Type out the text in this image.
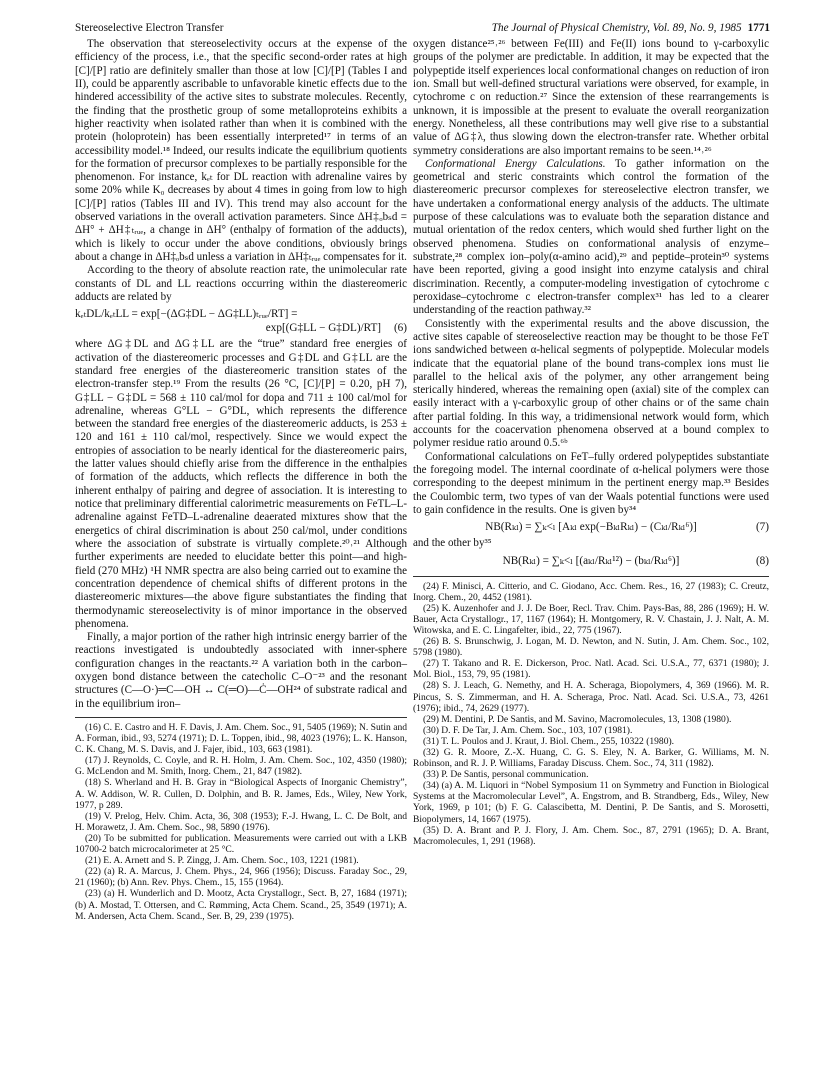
Stereoselective Electron Transfer	The Journal of Physical Chemistry, Vol. 89, No. 9, 1985 1771

The observation that stereoselectivity occurs at the expense of the efficiency of the process, i.e., that the specific second-order rates at high [C]/[P] ratio are definitely smaller than those at low [C]/[P] (Tables I and II), could be apparently ascribable to unfavorable kinetic effects due to the hindered accessibility of the active sites to substrate molecules. Recently, the finding that the prosthetic group of some metalloproteins exhibits a higher reactivity when isolated rather than when it is combined with the protein (holoprotein) has been essentially interpreted¹⁷ in terms of an accessibility model.¹⁸ Indeed, our results indicate the equilibrium quotients for the formation of precursor complexes to be partially responsible for the phenomenon. For instance, kₑₜ for DL reaction with adrenaline vaires by some 20% while K₀ decreases by about 4 times in going from low to high [C]/[P] ratios (Tables III and IV). This trend may also account for the observed variations in the overall activation parameters. Since ΔH‡ₒbₛd = ΔH° + ΔH‡ₜᵣᵤₑ, a change in ΔH° (enthalpy of formation of the adducts), which is likely to occur under the above conditions, obviously brings about a change in ΔH‡ₒbₛd unless a variation in ΔH‡ₜᵣᵤₑ compensates for it.

According to the theory of absolute reaction rate, the unimolecular rate constants of DL and LL reactions occurring within the diastereomeric adducts are related by

kₑₜDL/kₑₜLL = exp[−(ΔG‡DL − ΔG‡LL)ₜᵣᵤₑ/RT] =
exp[(G‡LL − G‡DL)/RT] (6)

where ΔG‡DL and ΔG‡LL are the “true” standard free energies of activation of the diastereomeric processes and G‡DL and G‡LL are the standard free energies of the diastereomeric transition states of the electron-transfer step.¹⁹ From the results (26 °C, [C]/[P] = 0.20, pH 7), G‡LL − G‡DL = 568 ± 110 cal/mol for dopa and 711 ± 100 cal/mol for adrenaline, whereas G°LL − G°DL, which represents the difference between the standard free energies of the diastereomeric adducts, is 253 ± 120 and 161 ± 110 cal/mol, respectively. Since we would expect the entropies of association to be nearly identical for the diastereomeric pairs, the latter values should chiefly arise from the difference in the enthalpies of formation of the adducts, which reflects the difference in both the inherent enthalpy of pairing and degree of association. It is interesting to notice that preliminary differential calorimetric measurements on FeTL–L-adrenaline against FeTD–L-adrenaline deaerated mixtures show that the energetics of chiral discrimination is about 250 cal/mol, under conditions where the association of substrate is virtually complete.²⁰˒²¹ Although further experiments are needed to elucidate better this point—and high-field (270 MHz) ¹H NMR spectra are also being carried out to examine the concentration dependence of chemical shifts of different protons in the diastereomeric mixtures—the above figure substantiates the finding that thermodynamic stereoselectivity is of minor importance in the observed phenomena.

Finally, a major portion of the rather high intrinsic energy barrier of the reactions investigated is undoubtedly associated with inner-sphere configuration changes in the reactants.²² A variation both in the carbon–oxygen bond distance between the catecholic C–O⁻²³ and the resonant structures (C—O·)═C—OH ↔ C(═O)—Ċ—OH²⁴ of substrate radical and in the equilibrium iron–

(16) C. E. Castro and H. F. Davis, J. Am. Chem. Soc., 91, 5405 (1969); N. Sutin and A. Forman, ibid., 93, 5274 (1971); D. L. Toppen, ibid., 98, 4023 (1976); L. K. Hanson, C. K. Chang, M. S. Davis, and J. Fajer, ibid., 103, 663 (1981).

(17) J. Reynolds, C. Coyle, and R. H. Holm, J. Am. Chem. Soc., 102, 4350 (1980); G. McLendon and M. Smith, Inorg. Chem., 21, 847 (1982).

(18) S. Wherland and H. B. Gray in “Biological Aspects of Inorganic Chemistry”, A. W. Addison, W. R. Cullen, D. Dolphin, and B. R. James, Eds., Wiley, New York, 1977, p 289.

(19) V. Prelog, Helv. Chim. Acta, 36, 308 (1953); F.-J. Hwang, L. C. De Bolt, and H. Morawetz, J. Am. Chem. Soc., 98, 5890 (1976).

(20) To be submitted for publication. Measurements were carried out with a LKB 10700-2 batch microcalorimeter at 25 °C.

(21) E. A. Arnett and S. P. Zingg, J. Am. Chem. Soc., 103, 1221 (1981).

(22) (a) R. A. Marcus, J. Chem. Phys., 24, 966 (1956); Discuss. Faraday Soc., 29, 21 (1960); (b) Ann. Rev. Phys. Chem., 15, 155 (1964).

(23) (a) H. Wunderlich and D. Mootz, Acta Crystallogr., Sect. B, 27, 1684 (1971); (b) A. Mostad, T. Ottersen, and C. Rømming, Acta Chem. Scand., 25, 3549 (1971); A. M. Andersen, Acta Chem. Scand., Ser. B, 29, 239 (1975).

oxygen distance²⁵˒²⁶ between Fe(III) and Fe(II) ions bound to γ-carboxylic groups of the polymer are predictable. In addition, it may be expected that the polypeptide itself experiences local conformational changes on reduction of iron ion. Small but well-defined structural variations were observed, for example, in cytochrome c on reduction.²⁷ Since the extension of these rearrangements is unknown, it is impossible at the present to evaluate the overall reorganization energy. Nonetheless, all these contributions may well give rise to a substantial value of ΔG‡λ, thus slowing down the electron-transfer rate. Whether orbital symmetry considerations are also important remains to be seen.¹⁴˒²⁶

Conformational Energy Calculations. To gather information on the geometrical and steric constraints which control the formation of the diastereomeric precursor complexes for stereoselective electron transfer, we have undertaken a conformational energy analysis of the adducts. The ultimate purpose of these calculations was to evaluate both the separation distance and mutual orientation of the redox centers, which would shed further light on the observed phenomena. Studies on conformational analysis of enzyme–substrate,²⁸ complex ion–poly(α-amino acid),²⁹ and peptide–protein³⁰ systems have been reported, giving a good insight into enzyme catalysis and chiral discrimination. Recently, a computer-modeling investigation of cytochrome c peroxidase–cytochrome c electron-transfer complex³¹ has led to a clearer understanding of the reaction pathway.³²

Consistently with the experimental results and the above discussion, the active sites capable of stereoselective reaction may be thought to be those FeT ions sandwiched between α-helical segments of polypeptide. Molecular models indicate that the equatorial plane of the bound trans-complex ions must lie parallel to the helical axis of the polymer, any other arrangement being sterically hindered, whereas the remaining open (axial) site of the complex can easily interact with a γ-carboxylic group of other chains or of the same chain after partial folding. In this way, a tridimensional network would form, which accounts for the coacervation phenomena observed at a bound complex to polymer residue ratio around 0.5.⁶ᵇ

Conformational calculations on FeT–fully ordered polypeptides substantiate the foregoing model. The internal coordinate of α-helical polymers were those corresponding to the deepest minimum in the pertinent energy map.³³ Besides the Coulombic term, two types of van der Waals potential functions were used to gain confidence in the results. One is given by³⁴

NB(Rₖₗ) = ∑ₖ<ₗ [Aₖₗ exp(−BₖₗRₖₗ) − (Cₖₗ/Rₖₗ⁶)]	(7)

and the other by³⁵

NB(Rₖₗ) = ∑ₖ<ₗ [(aₖₗ/Rₖₗ¹²) − (bₖₗ/Rₖₗ⁶)]	(8)

(24) F. Minisci, A. Citterio, and C. Giodano, Acc. Chem. Res., 16, 27 (1983); C. Creutz, Inorg. Chem., 20, 4452 (1981).

(25) K. Auzenhofer and J. J. De Boer, Recl. Trav. Chim. Pays-Bas, 88, 286 (1969); H. W. Bauer, Acta Crystallogr., 17, 1167 (1964); H. Montgomery, R. V. Chastain, J. J. Nalt, A. M. Witowska, and E. C. Lingafelter, ibid., 22, 775 (1967).

(26) B. S. Brunschwig, J. Logan, M. D. Newton, and N. Sutin, J. Am. Chem. Soc., 102, 5798 (1980).

(27) T. Takano and R. E. Dickerson, Proc. Natl. Acad. Sci. U.S.A., 77, 6371 (1980); J. Mol. Biol., 153, 79, 95 (1981).

(28) S. J. Leach, G. Nemethy, and H. A. Scheraga, Biopolymers, 4, 369 (1966). M. R. Pincus, S. S. Zimmerman, and H. A. Scheraga, Proc. Natl. Acad. Sci. U.S.A., 73, 4261 (1976); ibid., 74, 2629 (1977).

(29) M. Dentini, P. De Santis, and M. Savino, Macromolecules, 13, 1308 (1980).

(30) D. F. De Tar, J. Am. Chem. Soc., 103, 107 (1981).

(31) T. L. Poulos and J. Kraut, J. Biol. Chem., 255, 10322 (1980).

(32) G. R. Moore, Z.-X. Huang, C. G. S. Eley, N. A. Barker, G. Williams, M. N. Robinson, and R. J. P. Williams, Faraday Discuss. Chem. Soc., 74, 311 (1982).

(33) P. De Santis, personal communication.

(34) (a) A. M. Liquori in “Nobel Symposium 11 on Symmetry and Function in Biological Systems at the Macromolecular Level”, A. Engstrom, and B. Strandberg, Eds., Wiley, New York, 1969, p 101; (b) F. G. Calascibetta, M. Dentini, P. De Santis, and S. Morosetti, Biopolymers, 14, 1667 (1975).

(35) D. A. Brant and P. J. Flory, J. Am. Chem. Soc., 87, 2791 (1965); D. A. Brant, Macromolecules, 1, 291 (1968).
